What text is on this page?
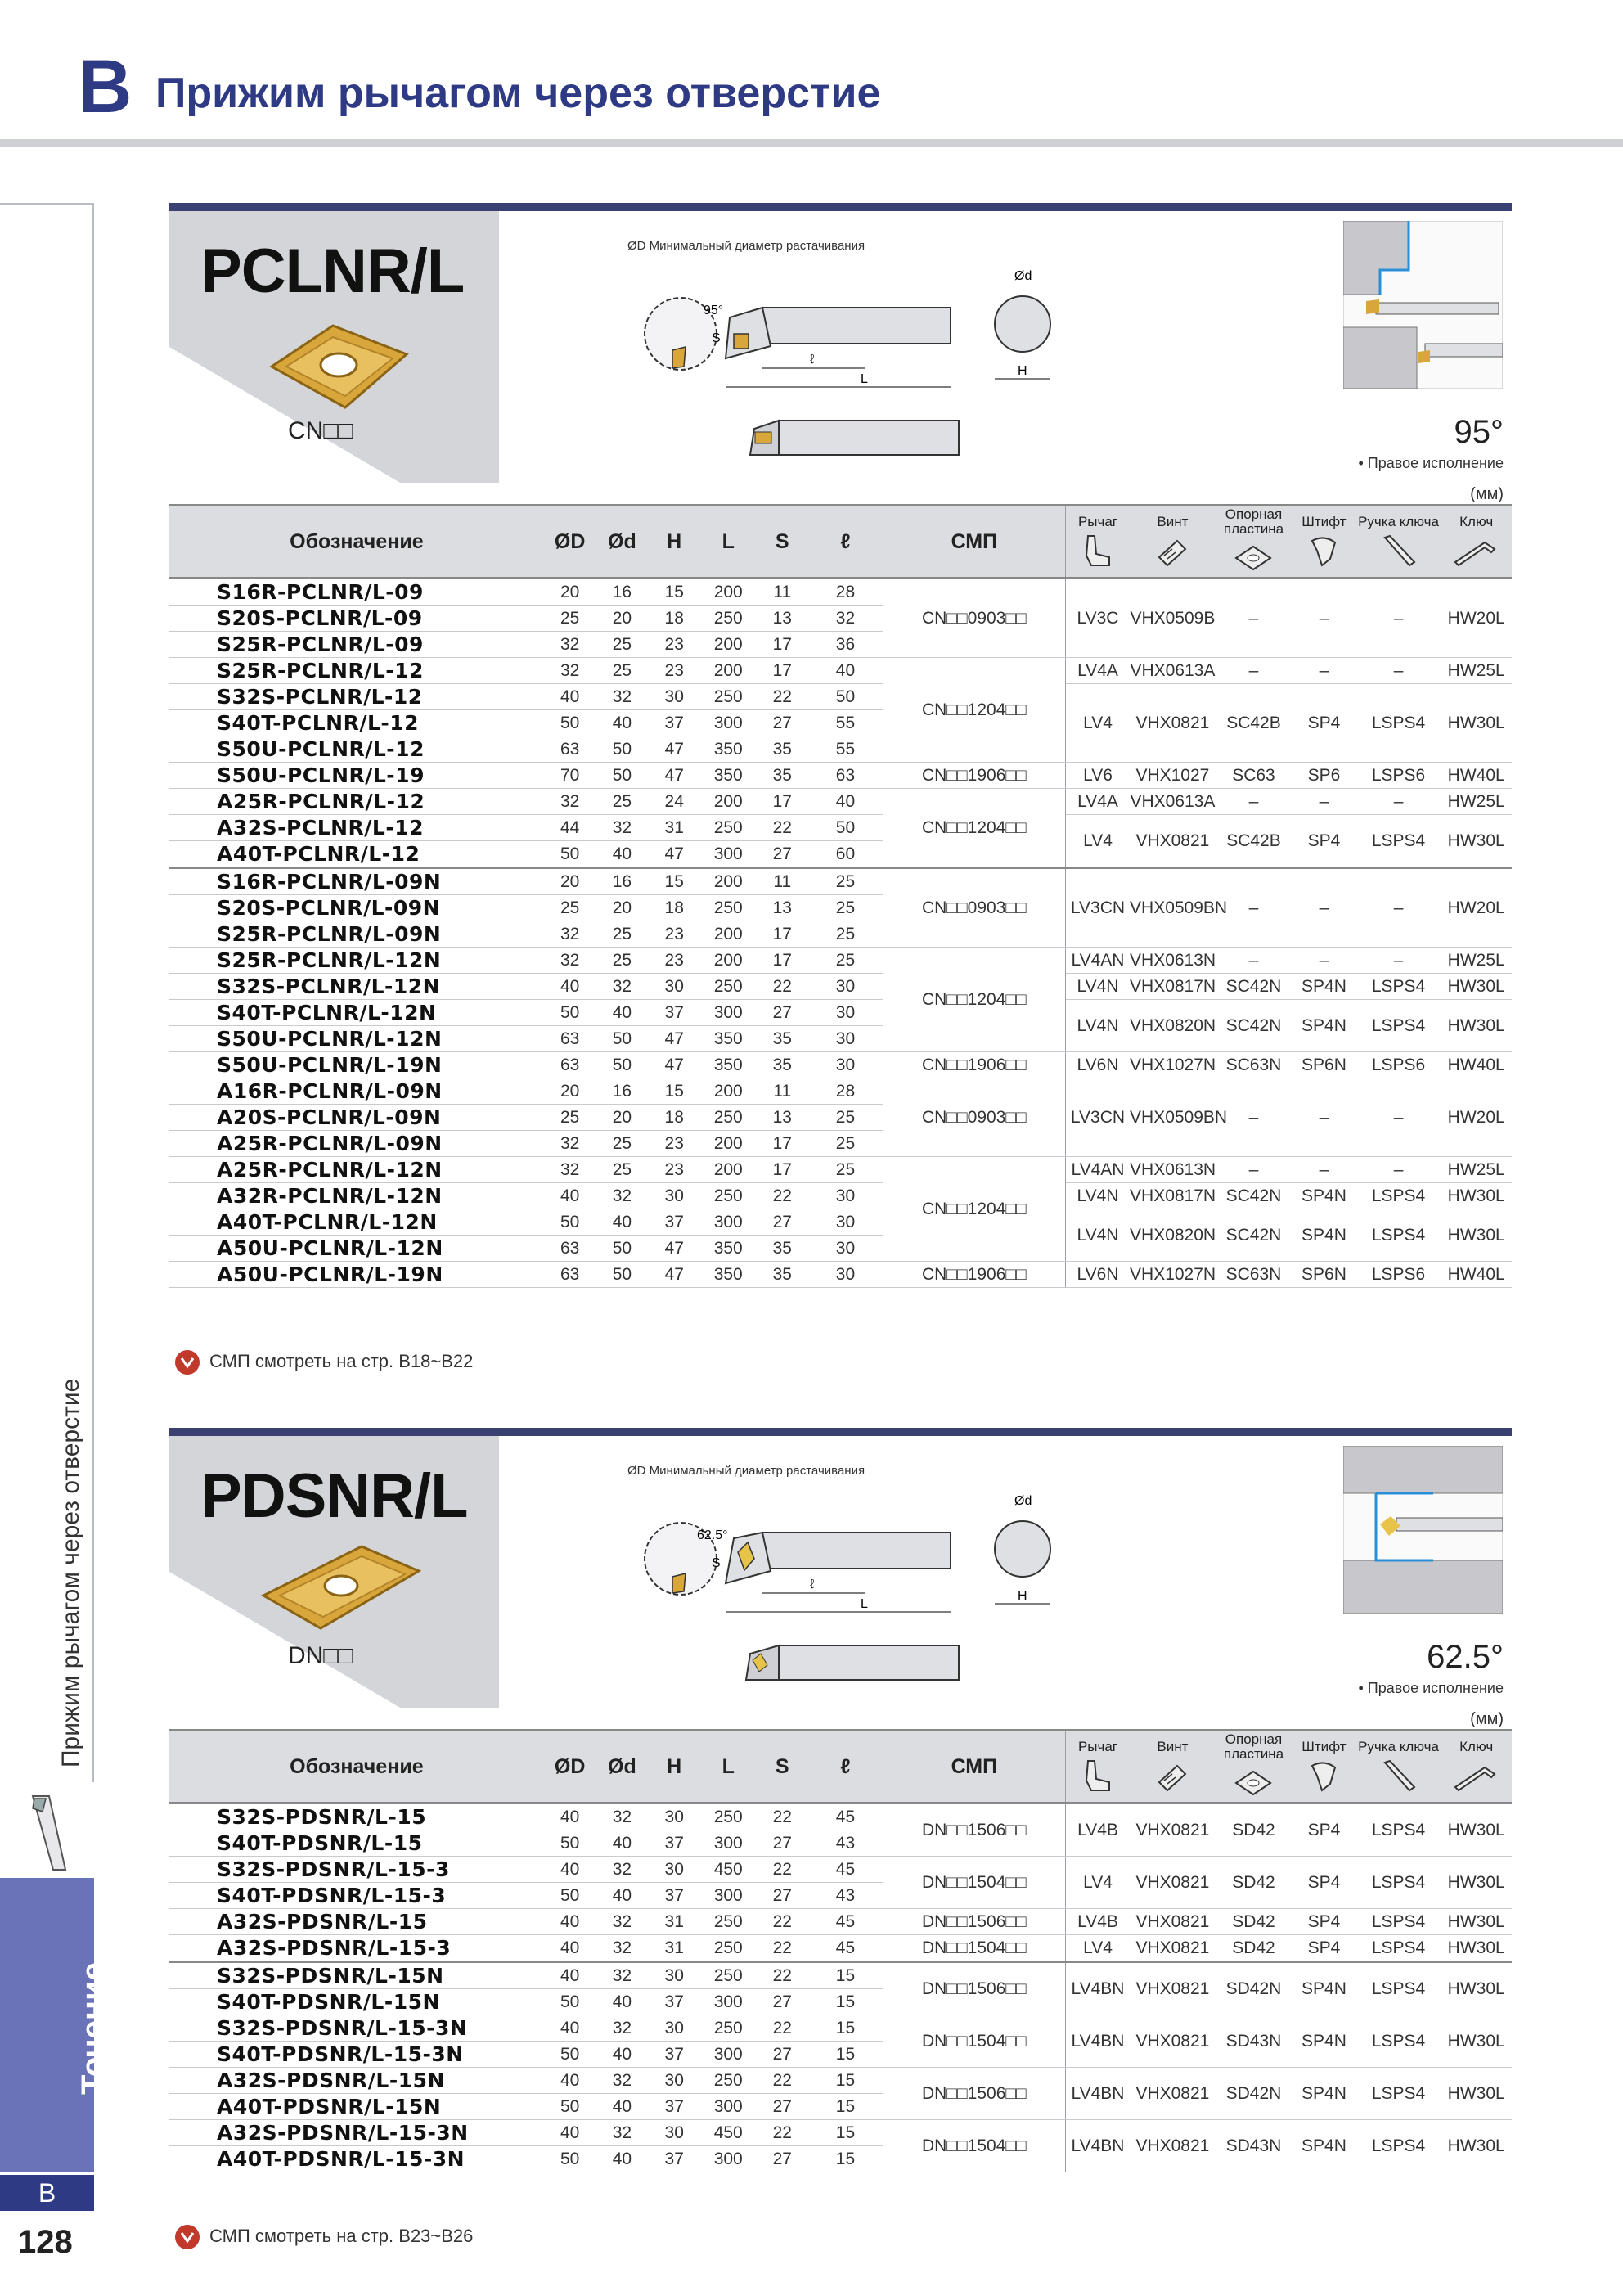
B Прижим рычагом через отверстие
Прижим рычагом через отверстие
Точение
B
128
PCLNR/L
CN□□
ØD Минимальный диаметр растачивания
95°
S
ℓ
L
Ød
H
95°
• Правое исполнение
(мм)
Обозначение	ØD	Ød	H	L	S	ℓ	СМП	Рычаг	Винт	Опорная пластина	Штифт	Ручка ключа	Ключ

S16R-PCLNR/L-09	20	16	15	200	11	28	CN□□0903□□	LV3C	VHX0509B	–	–	–	HW20L
S20S-PCLNR/L-09	25	20	18	250	13	32							
S25R-PCLNR/L-09	32	25	23	200	17	36							
S25R-PCLNR/L-12	32	25	23	200	17	40	CN□□1204□□	LV4A	VHX0613A	–	–	–	HW25L
S32S-PCLNR/L-12	40	32	30	250	22	50		LV4	VHX0821	SC42B	SP4	LSPS4	HW30L
S40T-PCLNR/L-12	50	40	37	300	27	55							
S50U-PCLNR/L-12	63	50	47	350	35	55							
S50U-PCLNR/L-19	70	50	47	350	35	63	CN□□1906□□	LV6	VHX1027	SC63	SP6	LSPS6	HW40L
A25R-PCLNR/L-12	32	25	24	200	17	40	CN□□1204□□	LV4A	VHX0613A	–	–	–	HW25L
A32S-PCLNR/L-12	44	32	31	250	22	50		LV4	VHX0821	SC42B	SP4	LSPS4	HW30L
A40T-PCLNR/L-12	50	40	47	300	27	60							
S16R-PCLNR/L-09N	20	16	15	200	11	25	CN□□0903□□	LV3CN	VHX0509BN	–	–	–	HW20L
S20S-PCLNR/L-09N	25	20	18	250	13	25							
S25R-PCLNR/L-09N	32	25	23	200	17	25							
S25R-PCLNR/L-12N	32	25	23	200	17	25	CN□□1204□□	LV4AN	VHX0613N	–	–	–	HW25L
S32S-PCLNR/L-12N	40	32	30	250	22	30		LV4N	VHX0817N	SC42N	SP4N	LSPS4	HW30L
S40T-PCLNR/L-12N	50	40	37	300	27	30		LV4N	VHX0820N	SC42N	SP4N	LSPS4	HW30L
S50U-PCLNR/L-12N	63	50	47	350	35	30							
S50U-PCLNR/L-19N	63	50	47	350	35	30	CN□□1906□□	LV6N	VHX1027N	SC63N	SP6N	LSPS6	HW40L
A16R-PCLNR/L-09N	20	16	15	200	11	28	CN□□0903□□	LV3CN	VHX0509BN	–	–	–	HW20L
A20S-PCLNR/L-09N	25	20	18	250	13	25							
A25R-PCLNR/L-09N	32	25	23	200	17	25							
A25R-PCLNR/L-12N	32	25	23	200	17	25	CN□□1204□□	LV4AN	VHX0613N	–	–	–	HW25L
A32R-PCLNR/L-12N	40	32	30	250	22	30		LV4N	VHX0817N	SC42N	SP4N	LSPS4	HW30L
A40T-PCLNR/L-12N	50	40	37	300	27	30		LV4N	VHX0820N	SC42N	SP4N	LSPS4	HW30L
A50U-PCLNR/L-12N	63	50	47	350	35	30							
A50U-PCLNR/L-19N	63	50	47	350	35	30	CN□□1906□□	LV6N	VHX1027N	SC63N	SP6N	LSPS6	HW40L
СМП смотреть на стр. B18~B22
PDSNR/L
DN□□
ØD Минимальный диаметр растачивания
62.5°
S
ℓ
L
Ød
H
62.5°
• Правое исполнение
(мм)
Обозначение	ØD	Ød	H	L	S	ℓ	СМП	Рычаг	Винт	Опорная пластина	Штифт	Ручка ключа	Ключ

S32S-PDSNR/L-15	40	32	30	250	22	45	DN□□1506□□	LV4B	VHX0821	SD42	SP4	LSPS4	HW30L
S40T-PDSNR/L-15	50	40	37	300	27	43							
S32S-PDSNR/L-15-3	40	32	30	450	22	45	DN□□1504□□	LV4	VHX0821	SD42	SP4	LSPS4	HW30L
S40T-PDSNR/L-15-3	50	40	37	300	27	43							
A32S-PDSNR/L-15	40	32	31	250	22	45	DN□□1506□□	LV4B	VHX0821	SD42	SP4	LSPS4	HW30L
A32S-PDSNR/L-15-3	40	32	31	250	22	45	DN□□1504□□	LV4	VHX0821	SD42	SP4	LSPS4	HW30L
S32S-PDSNR/L-15N	40	32	30	250	22	15	DN□□1506□□	LV4BN	VHX0821	SD42N	SP4N	LSPS4	HW30L
S40T-PDSNR/L-15N	50	40	37	300	27	15							
S32S-PDSNR/L-15-3N	40	32	30	250	22	15	DN□□1504□□	LV4BN	VHX0821	SD43N	SP4N	LSPS4	HW30L
S40T-PDSNR/L-15-3N	50	40	37	300	27	15							
A32S-PDSNR/L-15N	40	32	30	250	22	15	DN□□1506□□	LV4BN	VHX0821	SD42N	SP4N	LSPS4	HW30L
A40T-PDSNR/L-15N	50	40	37	300	27	15							
A32S-PDSNR/L-15-3N	40	32	30	450	22	15	DN□□1504□□	LV4BN	VHX0821	SD43N	SP4N	LSPS4	HW30L
A40T-PDSNR/L-15-3N	50	40	37	300	27	15							
СМП смотреть на стр. B23~B26
